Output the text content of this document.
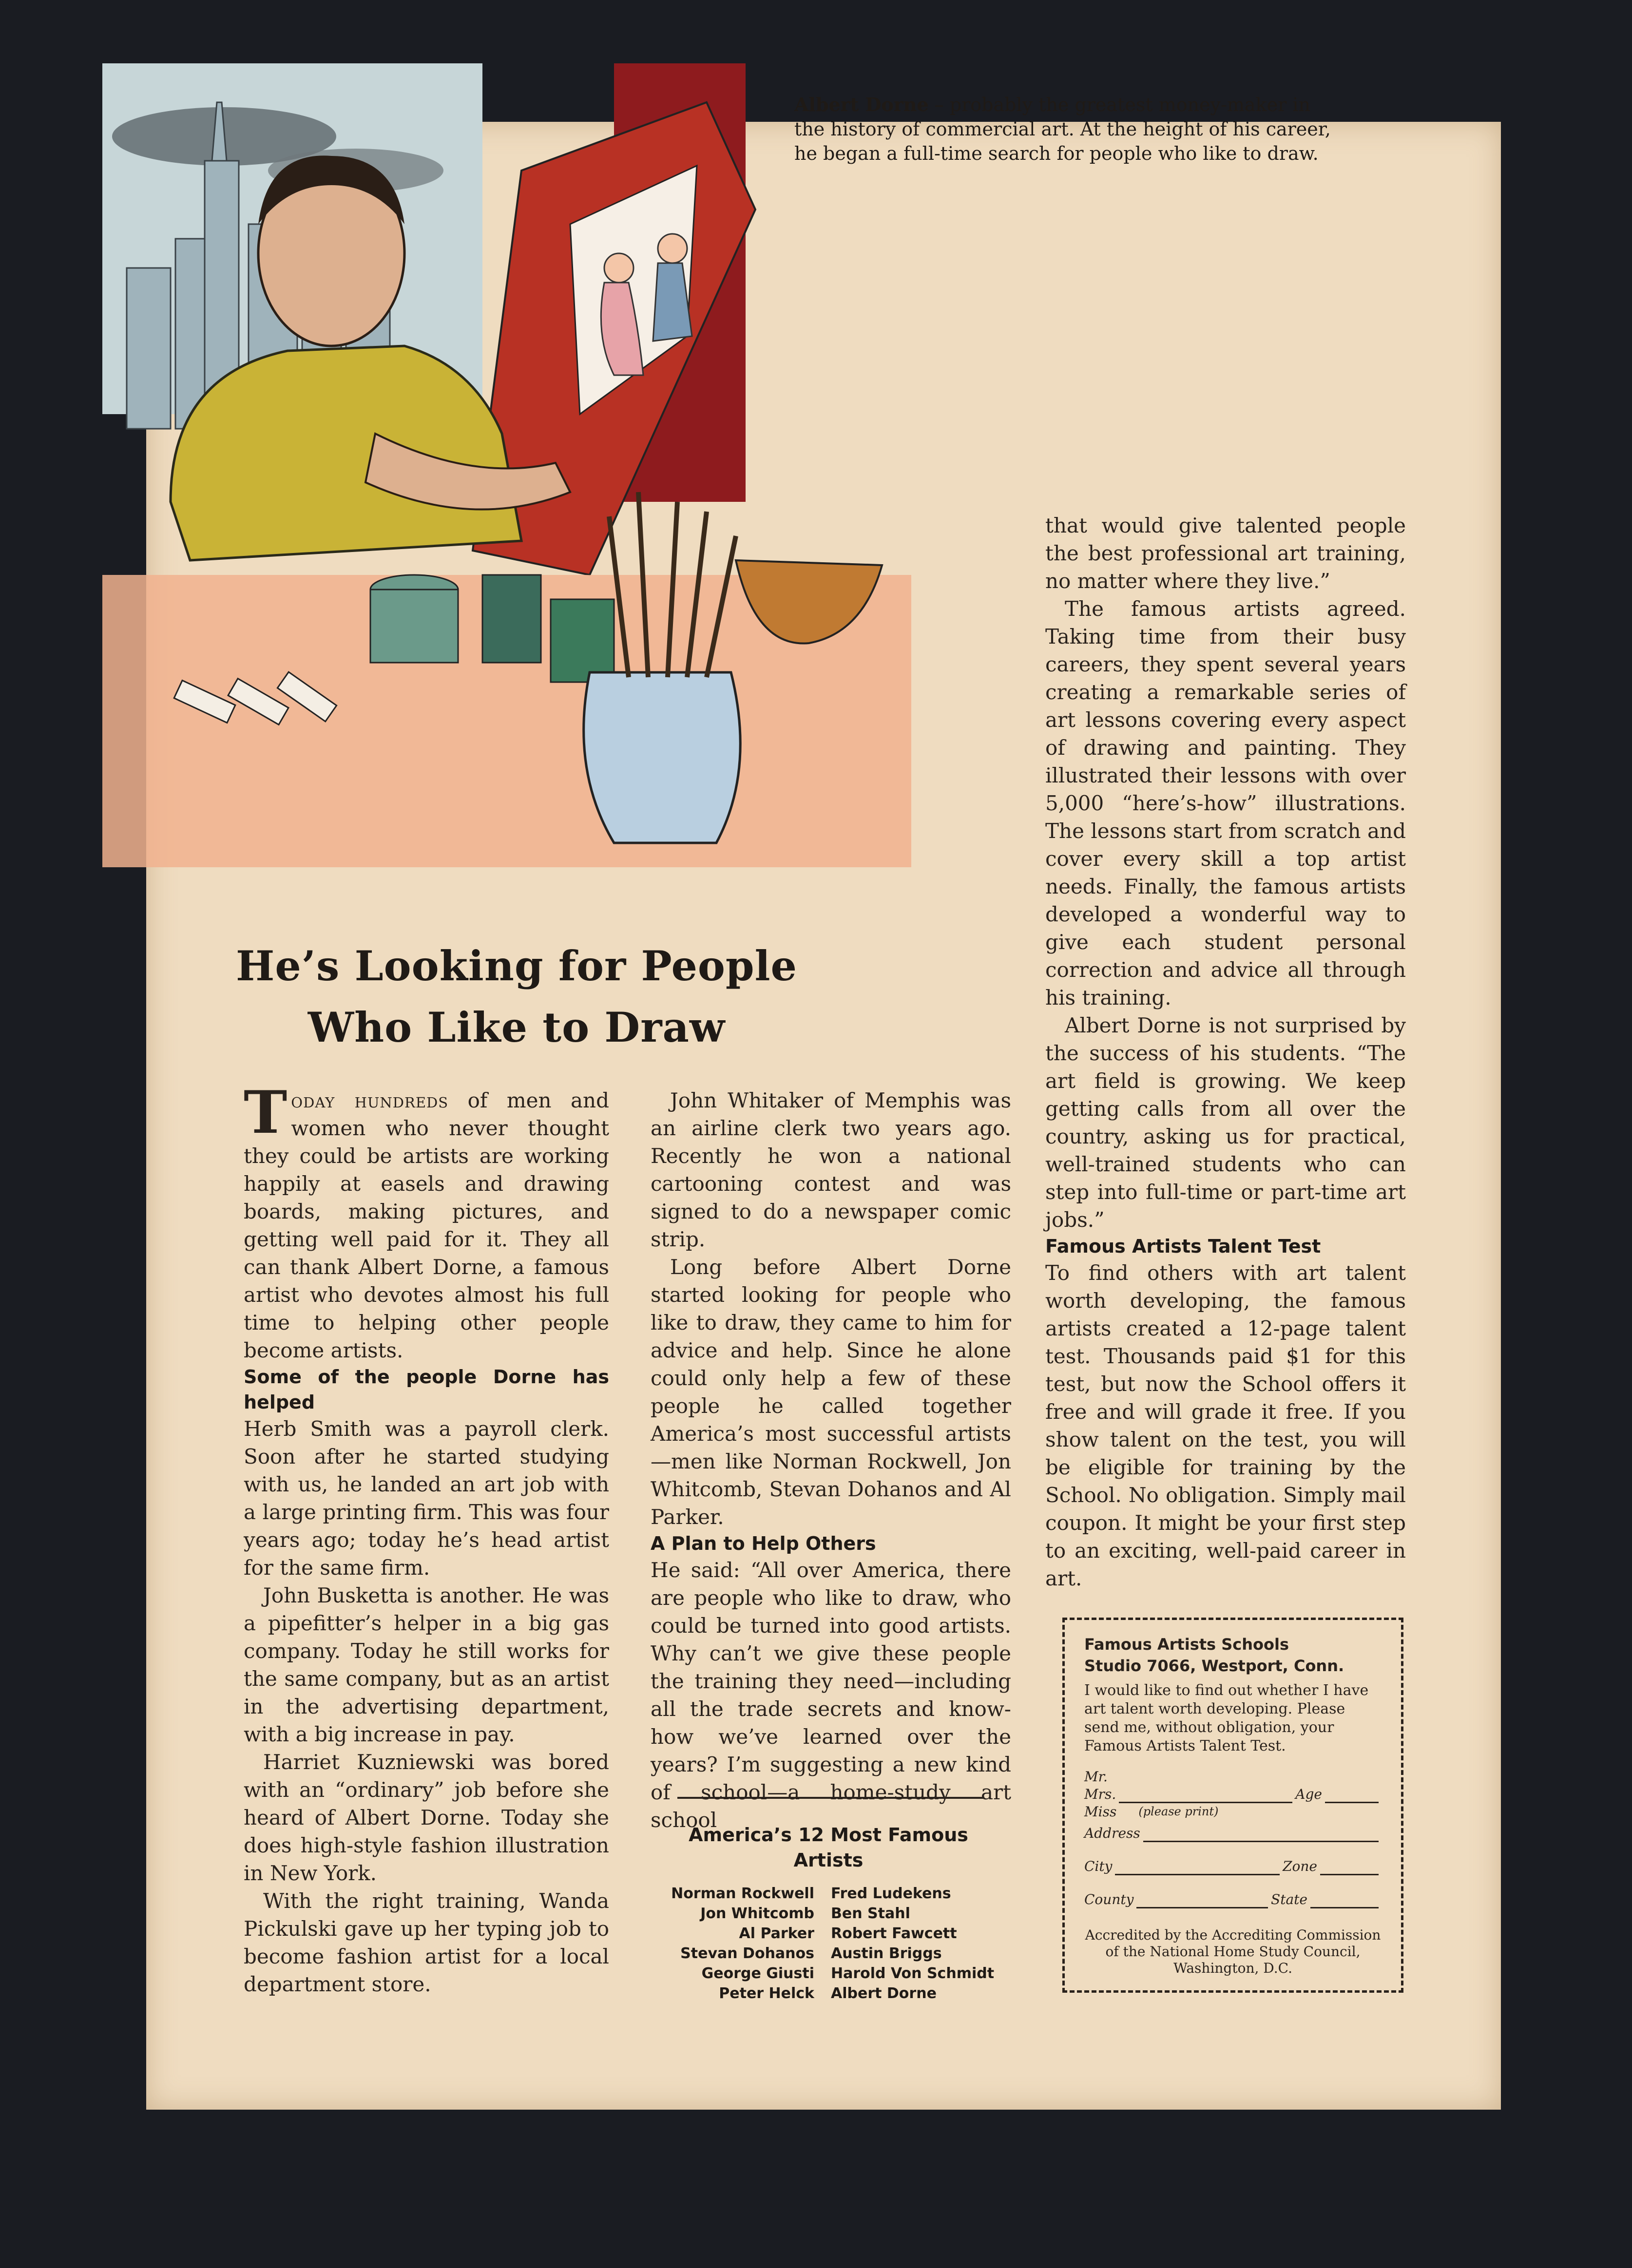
Albert Dorne – probably the greatest money-maker in the history of commercial art. At the height of his career, he began a full-time search for people who like to draw.
He’s Looking for People
Who Like to Draw

Today hundreds of men and women who never thought they could be artists are working happily at easels and drawing boards, making pictures, and getting well paid for it. They all can thank Albert Dorne, a famous artist who devotes almost his full time to helping other people become artists.

Some of the people Dorne has helped

Herb Smith was a payroll clerk. Soon after he started studying with us, he landed an art job with a large printing firm. This was four years ago; today he’s head artist for the same firm.

John Busketta is another. He was a pipefitter’s helper in a big gas company. Today he still works for the same company, but as an artist in the advertising department, with a big increase in pay.

Harriet Kuzniewski was bored with an “ordinary” job before she heard of Albert Dorne. Today she does high-style fashion illustration in New York.

With the right training, Wanda Pickulski gave up her typing job to become fashion artist for a local department store.

John Whitaker of Memphis was an airline clerk two years ago. Recently he won a national cartooning contest and was signed to do a newspaper comic strip.

Long before Albert Dorne started looking for people who like to draw, they came to him for advice and help. Since he alone could only help a few of these people he called together America’s most successful artists—men like Norman Rockwell, Jon Whitcomb, Stevan Dohanos and Al Parker.

A Plan to Help Others

He said: “All over America, there are people who like to draw, who could be turned into good artists. Why can’t we give these people the training they need—including all the trade secrets and know-how we’ve learned over the years? I’m suggesting a new kind of school—a home-study art school

that would give talented people the best professional art training, no matter where they live.”

The famous artists agreed. Taking time from their busy careers, they spent several years creating a remarkable series of art lessons covering every aspect of drawing and painting. They illustrated their lessons with over 5,000 “here’s-how” illustrations. The lessons start from scratch and cover every skill a top artist needs. Finally, the famous artists developed a wonderful way to give each student personal correction and advice all through his training.

Albert Dorne is not surprised by the success of his students. “The art field is growing. We keep getting calls from all over the country, asking us for practical, well-trained students who can step into full-time or part-time art jobs.”

Famous Artists Talent Test

To find others with art talent worth developing, the famous artists created a 12-page talent test. Thousands paid $1 for this test, but now the School offers it free and will grade it free. If you show talent on the test, you will be eligible for training by the School. No obligation. Simply mail coupon. It might be your first step to an exciting, well-paid career in art.

America’s 12 Most Famous Artists
Norman Rockwell	Fred Ludekens
Jon Whitcomb	Ben Stahl
Al Parker	Robert Fawcett
Stevan Dohanos	Austin Briggs
George Giusti	Harold Von Schmidt
Peter Helck	Albert Dorne
Famous Artists Schools
Studio 7066, Westport, Conn.
I would like to find out whether I have art talent worth developing. Please send me, without obligation, your Famous Artists Talent Test.
Mr.
Mrs.
(please print)
Age
Miss
Address
City	Zone
County	State
Accredited by the Accrediting Commission of the National Home Study Council, Washington, D.C.
